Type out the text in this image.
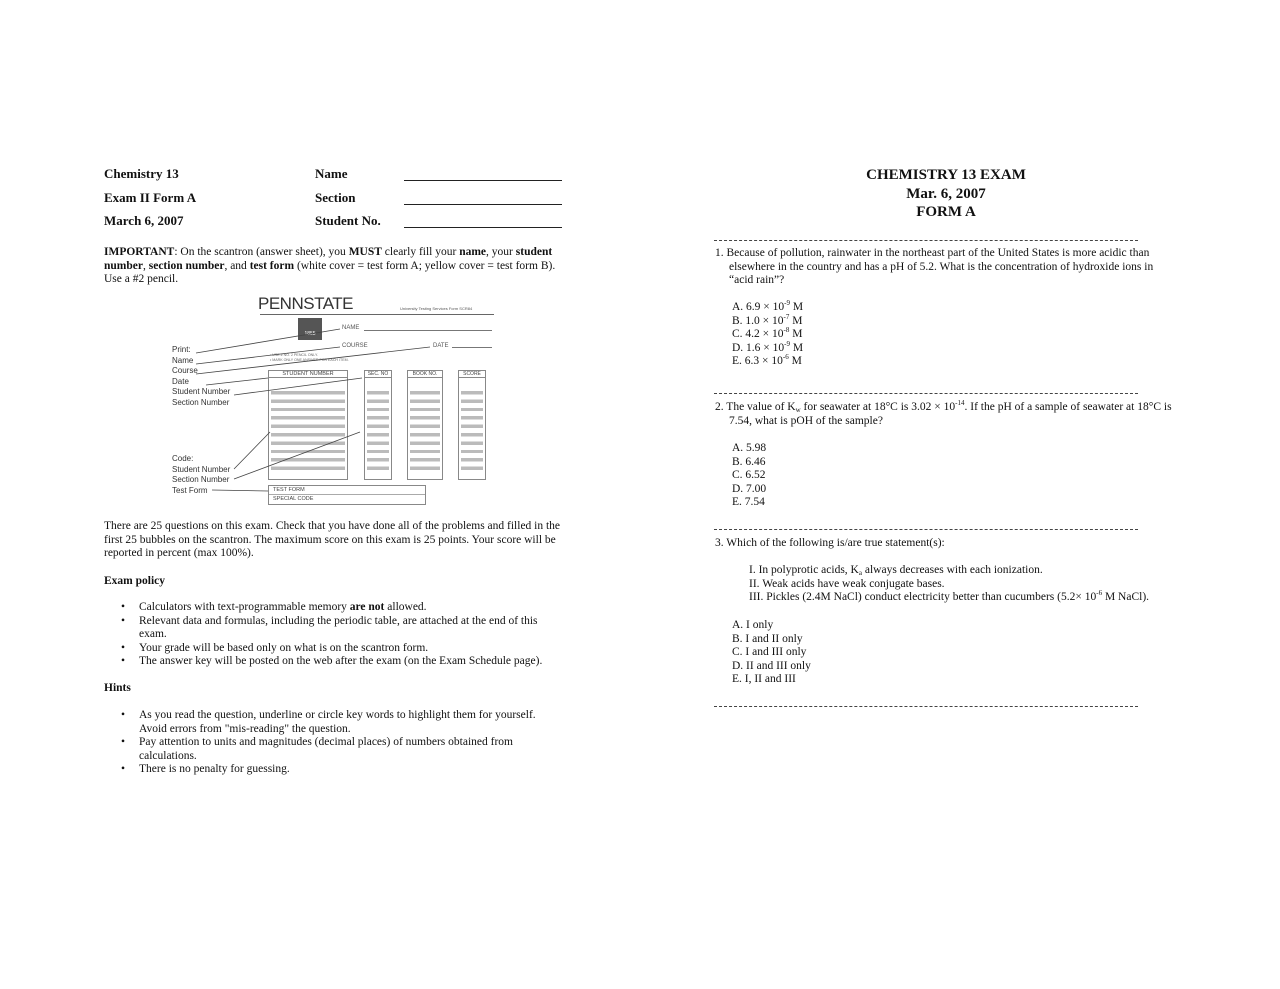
Chemistry 13	Name
Exam II Form A	Section
March 6, 2007	Student No.

IMPORTANT: On the scantron (answer sheet), you MUST clearly fill your name, your student number, section number, and test form (white cover = test form A; yellow cover = test form B). Use a #2 pencil.

PENNSTATE	University Testing Services Form SCR84
1855
NAME
COURSE	DATE
• USE # NO. 2 PENCIL ONLY.
• MARK ONLY ONE ANSWER FOR EACH ITEM.
Print:
Name
Course
Date
Student Number
Section Number
Code:
Student Number
Section Number
Test Form
STUDENT NUMBER	SEC. NO	BOOK NO.	SCORE
TEST FORM
SPECIAL CODE

There are 25 questions on this exam. Check that you have done all of the problems and filled in the first 25 bubbles on the scantron. The maximum score on this exam is 25 points. Your score will be reported in percent (max 100%).

Exam policy
• Calculators with text-programmable memory are not allowed.
• Relevant data and formulas, including the periodic table, are attached at the end of this exam.
• Your grade will be based only on what is on the scantron form.
• The answer key will be posted on the web after the exam (on the Exam Schedule page).
Hints
• As you read the question, underline or circle key words to highlight them for yourself. Avoid errors from "mis-reading" the question.
• Pay attention to units and magnitudes (decimal places) of numbers obtained from calculations.
• There is no penalty for guessing.
CHEMISTRY 13 EXAM
Mar. 6, 2007
FORM A
1. Because of pollution, rainwater in the northeast part of the United States is more acidic than elsewhere in the country and has a pH of 5.2. What is the concentration of hydroxide ions in “acid rain”?
A. $6.9 \times 10^{-9}$ M
B. $1.0 \times 10^{-7}$ M
C. $4.2 \times 10^{-8}$ M
D. $1.6 \times 10^{-9}$ M
E. $6.3 \times 10^{-6}$ M
2. The value of $K_w$ for seawater at 18°C is $3.02 \times 10^{-14}$. If the pH of a sample of seawater at 18°C is 7.54, what is pOH of the sample?
A. 5.98
B. 6.46
C. 6.52
D. 7.00
E. 7.54
3. Which of the following is/are true statement(s):
I. In polyprotic acids, $K_a$ always decreases with each ionization.
II. Weak acids have weak conjugate bases.
III. Pickles (2.4M NaCl) conduct electricity better than cucumbers ($5.2\times 10^{-6}$ M NaCl).
A. I only
B. I and II only
C. I and III only
D. II and III only
E. I, II and III
